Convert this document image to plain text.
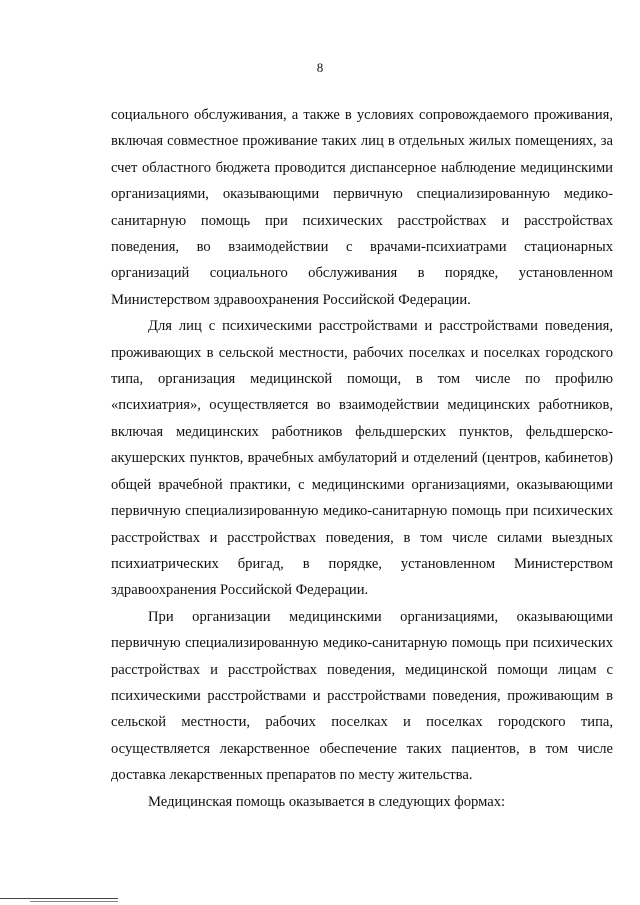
8

социального обслуживания, а также в условиях сопровождаемого проживания, включая совместное проживание таких лиц в отдельных жилых помещениях, за счет областного бюджета проводится диспансерное наблюдение медицинскими организациями, оказывающими первичную специализированную медико-санитарную помощь при психических расстройствах и расстройствах поведения, во взаимодействии с врачами-психиатрами стационарных организаций социального обслуживания в порядке, установленном Министерством здравоохранения Российской Федерации.

Для лиц с психическими расстройствами и расстройствами поведения, проживающих в сельской местности, рабочих поселках и поселках городского типа, организация медицинской помощи, в том числе по профилю «психиатрия», осуществляется во взаимодействии медицинских работников, включая медицинских работников фельдшерских пунктов, фельдшерско-акушерских пунктов, врачебных амбулаторий и отделений (центров, кабинетов) общей врачебной практики, с медицинскими организациями, оказывающими первичную специализированную медико-санитарную помощь при психических расстройствах и расстройствах поведения, в том числе силами выездных психиатрических бригад, в порядке, установленном Министерством здравоохранения Российской Федерации.

При организации медицинскими организациями, оказывающими первичную специализированную медико-санитарную помощь при психических расстройствах и расстройствах поведения, медицинской помощи лицам с психическими расстройствами и расстройствами поведения, проживающим в сельской местности, рабочих поселках и поселках городского типа, осуществляется лекарственное обеспечение таких пациентов, в том числе доставка лекарственных препаратов по месту жительства.

Медицинская помощь оказывается в следующих формах:
